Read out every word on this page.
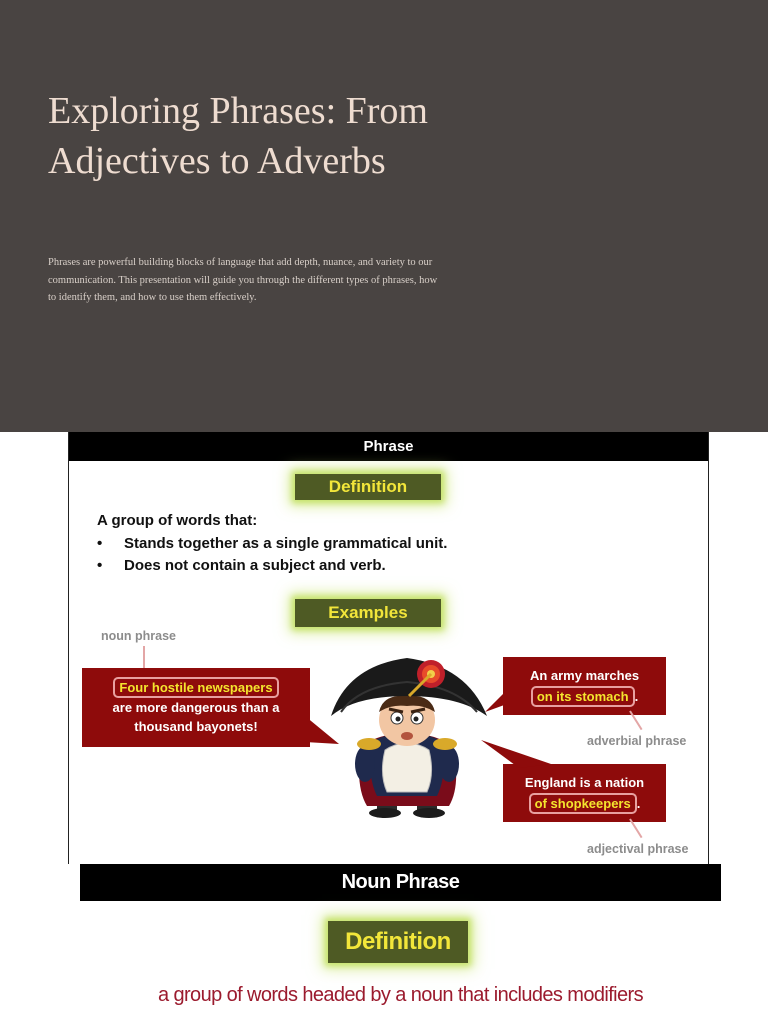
Exploring Phrases: From Adjectives to Adverbs

Phrases are powerful building blocks of language that add depth, nuance, and variety to our communication. This presentation will guide you through the different types of phrases, how to identify them, and how to use them effectively.

Phrase
Definition
A group of words that:
• Stands together as a single grammatical unit.
• Does not contain a subject and verb.
Examples
noun phrase
Four hostile newspapers
are more dangerous than a
thousand bayonets!
An army marches
on its stomach .
adverbial phrase
England is a nation
of shopkeepers .
adjectival phrase
Noun Phrase
Definition
a group of words headed by a noun that includes modifiers
